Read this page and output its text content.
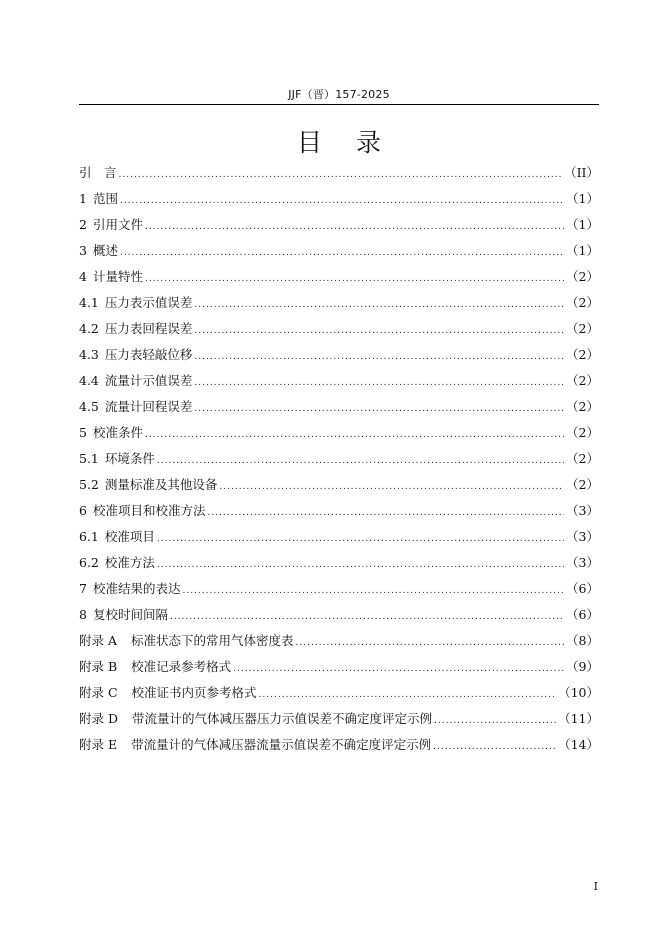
JJF（晋）157-2025
目录
引　言 .....	（II）
1 范围 .....	（1）
2 引用文件 .....	（1）
3 概述 .....	（1）
4 计量特性 .....	（2）
4.1 压力表示值误差 .....	（2）
4.2 压力表回程误差 .....	（2）
4.3 压力表轻敲位移 .....	（2）
4.4 流量计示值误差 .....	（2）
4.5 流量计回程误差 .....	（2）
5 校准条件 .....	（2）
5.1 环境条件 .....	（2）
5.2 测量标准及其他设备 .....	（2）
6 校准项目和校准方法 .....	（3）
6.1 校准项目 .....	（3）
6.2 校准方法 .....	（3）
7 校准结果的表达 .....	（6）
8 复校时间间隔 .....	（6）
附录 A 标准状态下的常用气体密度表 .....	（8）
附录 B 校准记录参考格式 .....	（9）
附录 C 校准证书内页参考格式 .....	（10）
附录 D 带流量计的气体减压器压力示值误差不确定度评定示例 .....	（11）
附录 E 带流量计的气体减压器流量示值误差不确定度评定示例 .....	（14）
I
